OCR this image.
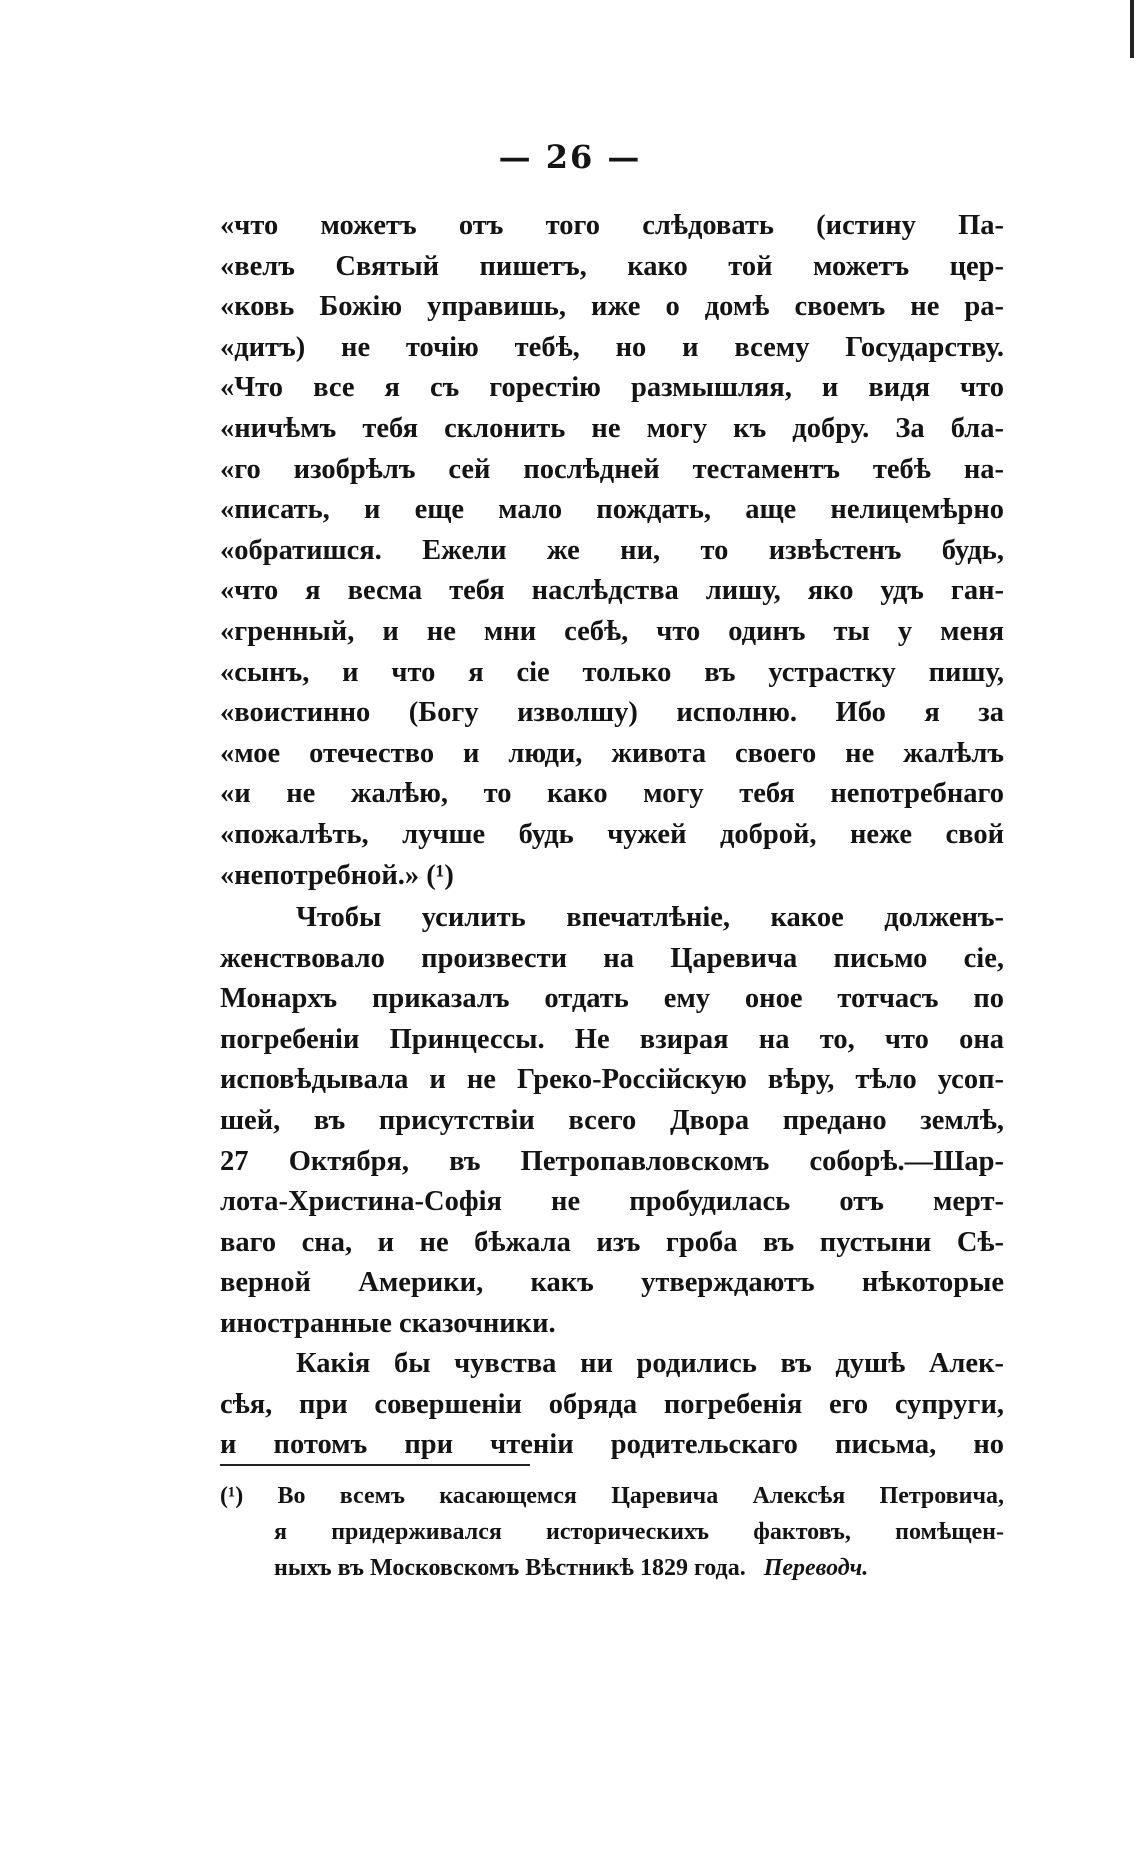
— 26 —
«что можетъ отъ того слѣдовать (истину Па-
«велъ Святый пишетъ, како той можетъ цер-
«ковь Божію управишь, иже о домѣ своемъ не ра-
«дитъ) не точію тебѣ, но и всему Государству.
«Что все я съ горестію размышляя, и видя что
«ничѣмъ тебя склонить не могу къ добру. За бла-
«го изобрѣлъ сей послѣдней тестаментъ тебѣ на-
«писать, и еще мало пождать, аще нелицемѣрно
«обратишся. Ежели же ни, то извѣстенъ будь,
«что я весма тебя наслѣдства лишу, яко удъ ган-
«гренный, и не мни себѣ, что одинъ ты у меня
«сынъ, и что я сіе только въ устрастку пишу,
«воистинно (Богу изволшу) исполню. Ибо я за
«мое отечество и люди, живота своего не жалѣлъ
«и не жалѣю, то како могу тебя непотребнаго
«пожалѣть, лучше будь чужей доброй, неже свой
«непотребной.» (¹)
Чтобы усилить впечатлѣніе, какое долженъ-
женствовало произвести на Царевича письмо сіе,
Монархъ приказалъ отдать ему оное тотчасъ по
погребеніи Принцессы. Не взирая на то, что она
исповѣдывала и не Греко-Россійскую вѣру, тѣло усоп-
шей, въ присутствіи всего Двора предано землѣ,
27 Октября, въ Петропавловскомъ соборѣ.—Шар-
лота-Христина-Софія не пробудилась отъ мерт-
ваго сна, и не бѣжала изъ гроба въ пустыни Сѣ-
верной Америки, какъ утверждаютъ нѣкоторые
иностранные сказочники.
Какія бы чувства ни родились въ душѣ Алек-
сѣя, при совершеніи обряда погребенія его супруги,
и потомъ при чтеніи родительскаго письма, но
(¹) Во всемъ касающемся Царевича Алексѣя Петровича,
я придерживался историческихъ фактовъ, помѣщен-
ныхъ въ Московскомъ Вѣстникѣ 1829 года. Переводч.
